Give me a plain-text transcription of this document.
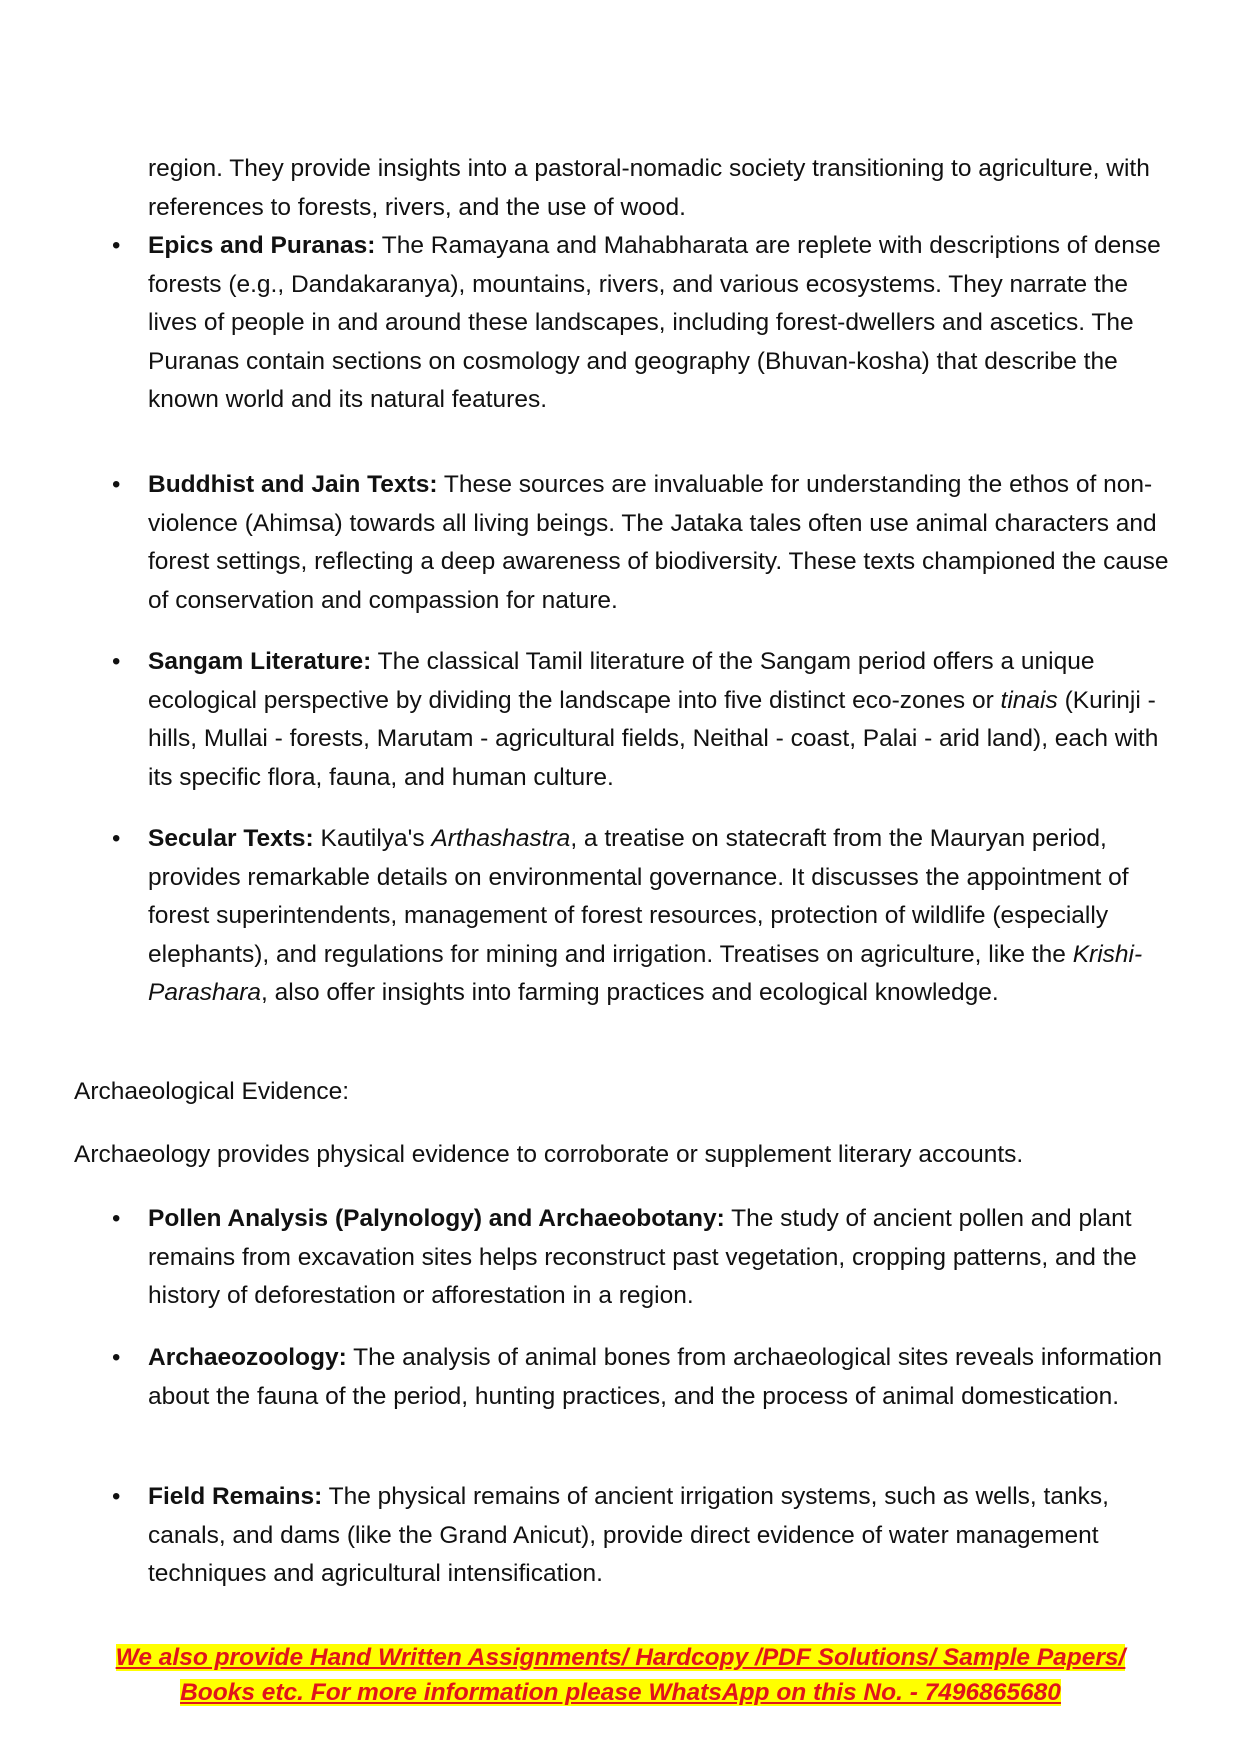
region. They provide insights into a pastoral-nomadic society transitioning to agriculture, with references to forests, rivers, and the use of wood.

• Epics and Puranas: The Ramayana and Mahabharata are replete with descriptions of dense forests (e.g., Dandakaranya), mountains, rivers, and various ecosystems. They narrate the lives of people in and around these landscapes, including forest-dwellers and ascetics. The Puranas contain sections on cosmology and geography (Bhuvan-kosha) that describe the known world and its natural features.
• Buddhist and Jain Texts: These sources are invaluable for understanding the ethos of non-violence (Ahimsa) towards all living beings. The Jataka tales often use animal characters and forest settings, reflecting a deep awareness of biodiversity. These texts championed the cause of conservation and compassion for nature.
• Sangam Literature: The classical Tamil literature of the Sangam period offers a unique ecological perspective by dividing the landscape into five distinct eco-zones or tinais (Kurinji - hills, Mullai - forests, Marutam - agricultural fields, Neithal - coast, Palai - arid land), each with its specific flora, fauna, and human culture.
• Secular Texts: Kautilya's Arthashastra, a treatise on statecraft from the Mauryan period, provides remarkable details on environmental governance. It discusses the appointment of forest superintendents, management of forest resources, protection of wildlife (especially elephants), and regulations for mining and irrigation. Treatises on agriculture, like the Krishi-Parashara, also offer insights into farming practices and ecological knowledge.
Archaeological Evidence:

Archaeology provides physical evidence to corroborate or supplement literary accounts.

• Pollen Analysis (Palynology) and Archaeobotany: The study of ancient pollen and plant remains from excavation sites helps reconstruct past vegetation, cropping patterns, and the history of deforestation or afforestation in a region.
• Archaeozoology: The analysis of animal bones from archaeological sites reveals information about the fauna of the period, hunting practices, and the process of animal domestication.
• Field Remains: The physical remains of ancient irrigation systems, such as wells, tanks, canals, and dams (like the Grand Anicut), provide direct evidence of water management techniques and agricultural intensification.
We also provide Hand Written Assignments/ Hardcopy /PDF Solutions/ Sample Papers/
Books etc. For more information please WhatsApp on this No. - 7496865680
